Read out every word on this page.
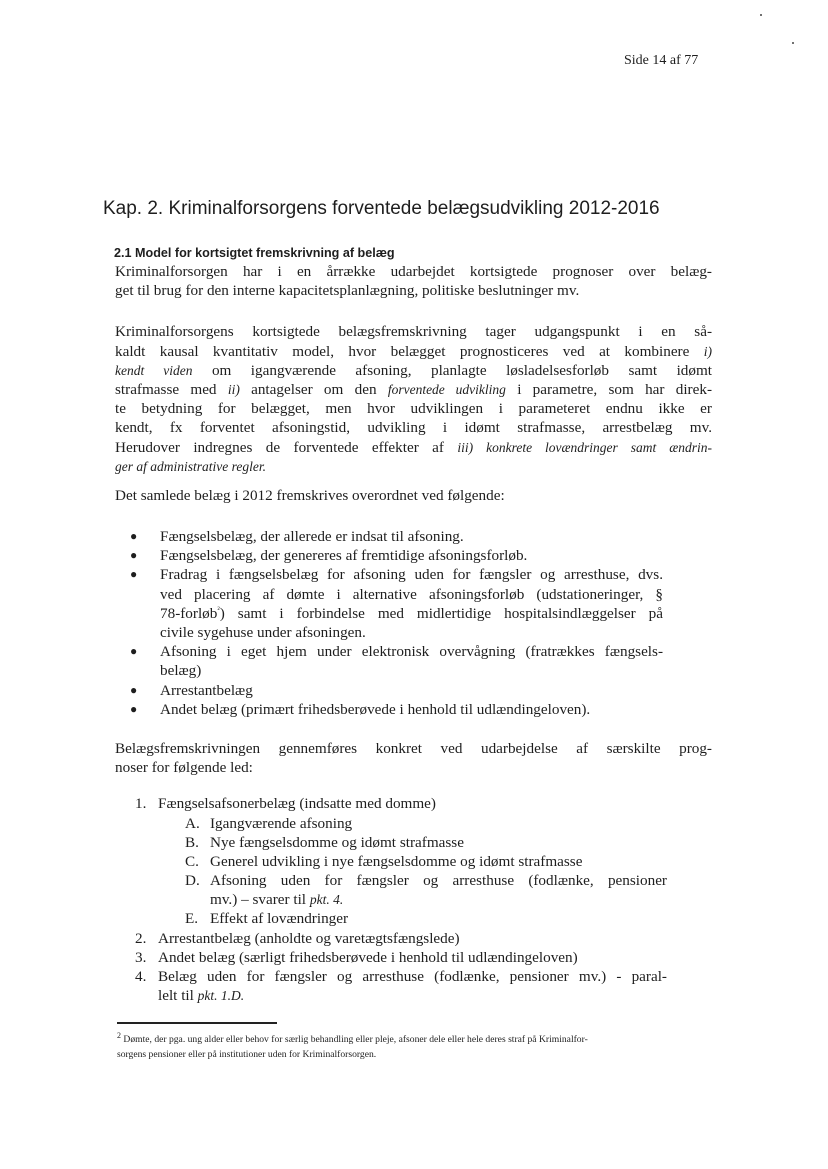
Side 14 af 77
Kap. 2. Kriminalforsorgens forventede belægsudvikling 2012-2016
2.1 Model for kortsigtet fremskrivning af belæg
Kriminalforsorgen har i en årrække udarbejdet kortsigtede prognoser over belæg-
get til brug for den interne kapacitetsplanlægning, politiske beslutninger mv.
Kriminalforsorgens kortsigtede belægsfremskrivning tager udgangspunkt i en så-
kaldt kausal kvantitativ model, hvor belægget prognosticeres ved at kombinere i)
kendt viden om igangværende afsoning, planlagte løsladelsesforløb samt idømt
strafmasse med ii) antagelser om den forventede udvikling i parametre, som har direk-
te betydning for belægget, men hvor udviklingen i parameteret endnu ikke er
kendt, fx forventet afsoningstid, udvikling i idømt strafmasse, arrestbelæg mv.
Herudover indregnes de forventede effekter af iii) konkrete lovændringer samt ændrin-
ger af administrative regler.
Det samlede belæg i 2012 fremskrives overordnet ved følgende:
● Fængselsbelæg, der allerede er indsat til afsoning.
● Fængselsbelæg, der genereres af fremtidige afsoningsforløb.
● Fradrag i fængselsbelæg for afsoning uden for fængsler og arresthuse, dvs.
ved placering af dømte i alternative afsoningsforløb (udstationeringer, §
78-forløb$^{^2}$) samt i forbindelse med midlertidige hospitalsindlæggelser på
civile sygehuse under afsoningen.
● Afsoning i eget hjem under elektronisk overvågning (fratrækkes fængsels-
belæg)
● Arrestantbelæg
● Andet belæg (primært frihedsberøvede i henhold til udlændingeloven).
Belægsfremskrivningen gennemføres konkret ved udarbejdelse af særskilte prog-
noser for følgende led:
1. Fængselsafsonerbelæg (indsatte med domme)
A. Igangværende afsoning
B. Nye fængselsdomme og idømt strafmasse
C. Generel udvikling i nye fængselsdomme og idømt strafmasse
D. Afsoning uden for fængsler og arresthuse (fodlænke, pensioner
mv.) – svarer til pkt. 4.
E. Effekt af lovændringer
2. Arrestantbelæg (anholdte og varetægtsfængslede)
3. Andet belæg (særligt frihedsberøvede i henhold til udlændingeloven)
4. Belæg uden for fængsler og arresthuse (fodlænke, pensioner mv.) - paral-
lelt til pkt. 1.D.
$^2$ Dømte, der pga. ung alder eller behov for særlig behandling eller pleje, afsoner dele eller hele deres straf på Kriminalfor-
sorgens pensioner eller på institutioner uden for Kriminalforsorgen.
